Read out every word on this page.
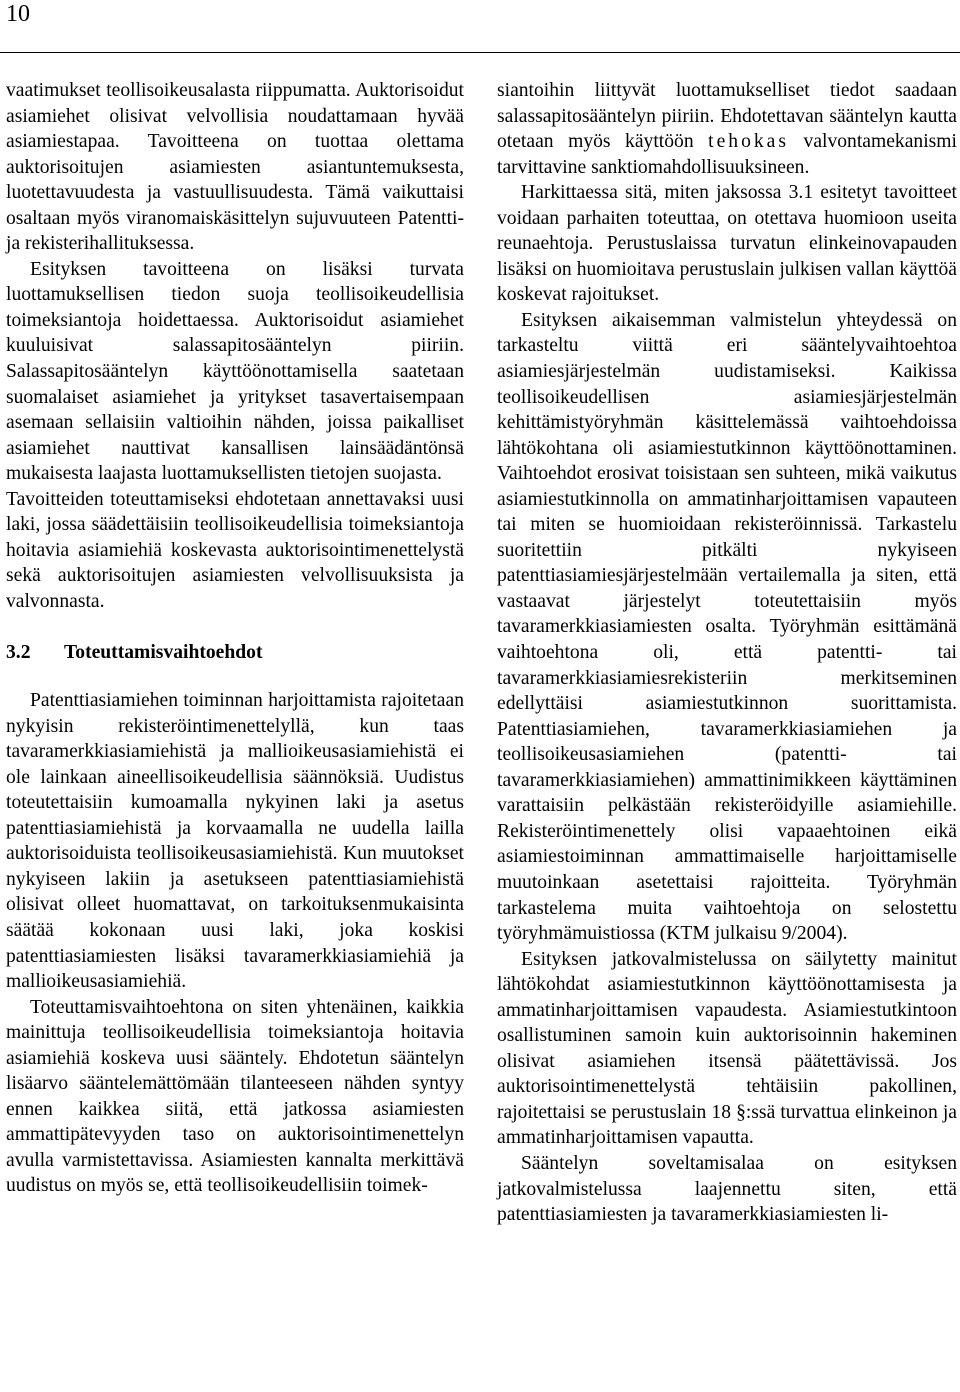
10

vaatimukset teollisoikeusalasta riippumatta. Auktorisoidut asiamiehet olisivat velvollisia noudattamaan hyvää asiamiestapaa. Tavoitteena on tuottaa olettama auktorisoitujen asiamiesten asiantuntemuksesta, luotettavuudesta ja vastuullisuudesta. Tämä vaikuttaisi osaltaan myös viranomaiskäsittelyn sujuvuuteen Patentti- ja rekisterihallituksessa.

Esityksen tavoitteena on lisäksi turvata luottamuksellisen tiedon suoja teollisoikeudellisia toimeksiantoja hoidettaessa. Auktorisoidut asiamiehet kuuluisivat salassapitosääntelyn piiriin. Salassapitosääntelyn käyttöönottamisella saatetaan suomalaiset asiamiehet ja yritykset tasavertaisempaan asemaan sellaisiin valtioihin nähden, joissa paikalliset asiamiehet nauttivat kansallisen lainsäädäntönsä mukaisesta laajasta luottamuksellisten tietojen suojasta.

Tavoitteiden toteuttamiseksi ehdotetaan annettavaksi uusi laki, jossa säädettäisiin teollisoikeudellisia toimeksiantoja hoitavia asiamiehiä koskevasta auktorisointimenettelystä sekä auktorisoitujen asiamiesten velvollisuuksista ja valvonnasta.

3.2 Toteuttamisvaihtoehdot

Patenttiasiamiehen toiminnan harjoittamista rajoitetaan nykyisin rekisteröintimenettelyllä, kun taas tavaramerkkiasiamiehistä ja mallioikeusasiamiehistä ei ole lainkaan aineellisoikeudellisia säännöksiä. Uudistus toteutettaisiin kumoamalla nykyinen laki ja asetus patenttiasiamiehistä ja korvaamalla ne uudella lailla auktorisoiduista teollisoikeusasiamiehistä. Kun muutokset nykyiseen lakiin ja asetukseen patenttiasiamiehistä olisivat olleet huomattavat, on tarkoituksenmukaisinta säätää kokonaan uusi laki, joka koskisi patenttiasiamiesten lisäksi tavaramerkkiasiamiehiä ja mallioikeusasiamiehiä.

Toteuttamisvaihtoehtona on siten yhtenäinen, kaikkia mainittuja teollisoikeudellisia toimeksiantoja hoitavia asiamiehiä koskeva uusi sääntely. Ehdotetun sääntelyn lisäarvo sääntelemättömään tilanteeseen nähden syntyy ennen kaikkea siitä, että jatkossa asiamiesten ammattipätevyyden taso on auktorisointimenettelyn avulla varmistettavissa. Asiamiesten kannalta merkittävä uudistus on myös se, että teollisoikeudellisiin toimek-

siantoihin liittyvät luottamukselliset tiedot saadaan salassapitosääntelyn piiriin. Ehdotettavan sääntelyn kautta otetaan myös käyttöön tehokas valvontamekanismi tarvittavine sanktiomahdollisuuksineen.

Harkittaessa sitä, miten jaksossa 3.1 esitetyt tavoitteet voidaan parhaiten toteuttaa, on otettava huomioon useita reunaehtoja. Perustuslaissa turvatun elinkeinovapauden lisäksi on huomioitava perustuslain julkisen vallan käyttöä koskevat rajoitukset.

Esityksen aikaisemman valmistelun yhteydessä on tarkasteltu viittä eri sääntelyvaihtoehtoa asiamiesjärjestelmän uudistamiseksi. Kaikissa teollisoikeudellisen asiamiesjärjestelmän kehittämistyöryhmän käsittelemässä vaihtoehdoissa lähtökohtana oli asiamiestutkinnon käyttöönottaminen. Vaihtoehdot erosivat toisistaan sen suhteen, mikä vaikutus asiamiestutkinnolla on ammatinharjoittamisen vapauteen tai miten se huomioidaan rekisteröinnissä. Tarkastelu suoritettiin pitkälti nykyiseen patenttiasiamiesjärjestelmään vertailemalla ja siten, että vastaavat järjestelyt toteutettaisiin myös tavaramerkkiasiamiesten osalta. Työryhmän esittämänä vaihtoehtona oli, että patentti- tai tavaramerkkiasiamiesrekisteriin merkitseminen edellyttäisi asiamiestutkinnon suorittamista. Patenttiasiamiehen, tavaramerkkiasiamiehen ja teollisoikeusasiamiehen (patentti- tai tavaramerkkiasiamiehen) ammattinimikkeen käyttäminen varattaisiin pelkästään rekisteröidyille asiamiehille. Rekisteröintimenettely olisi vapaaehtoinen eikä asiamiestoiminnan ammattimaiselle harjoittamiselle muutoinkaan asetettaisi rajoitteita. Työryhmän tarkastelema muita vaihtoehtoja on selostettu työryhmämuistiossa (KTM julkaisu 9/2004).

Esityksen jatkovalmistelussa on säilytetty mainitut lähtökohdat asiamiestutkinnon käyttöönottamisesta ja ammatinharjoittamisen vapaudesta. Asiamiestutkintoon osallistuminen samoin kuin auktorisoinnin hakeminen olisivat asiamiehen itsensä päätettävissä. Jos auktorisointimenettelystä tehtäisiin pakollinen, rajoitettaisi se perustuslain 18 §:ssä turvattua elinkeinon ja ammatinharjoittamisen vapautta.

Sääntelyn soveltamisalaa on esityksen jatkovalmistelussa laajennettu siten, että patenttiasiamiesten ja tavaramerkkiasiamiesten li-
